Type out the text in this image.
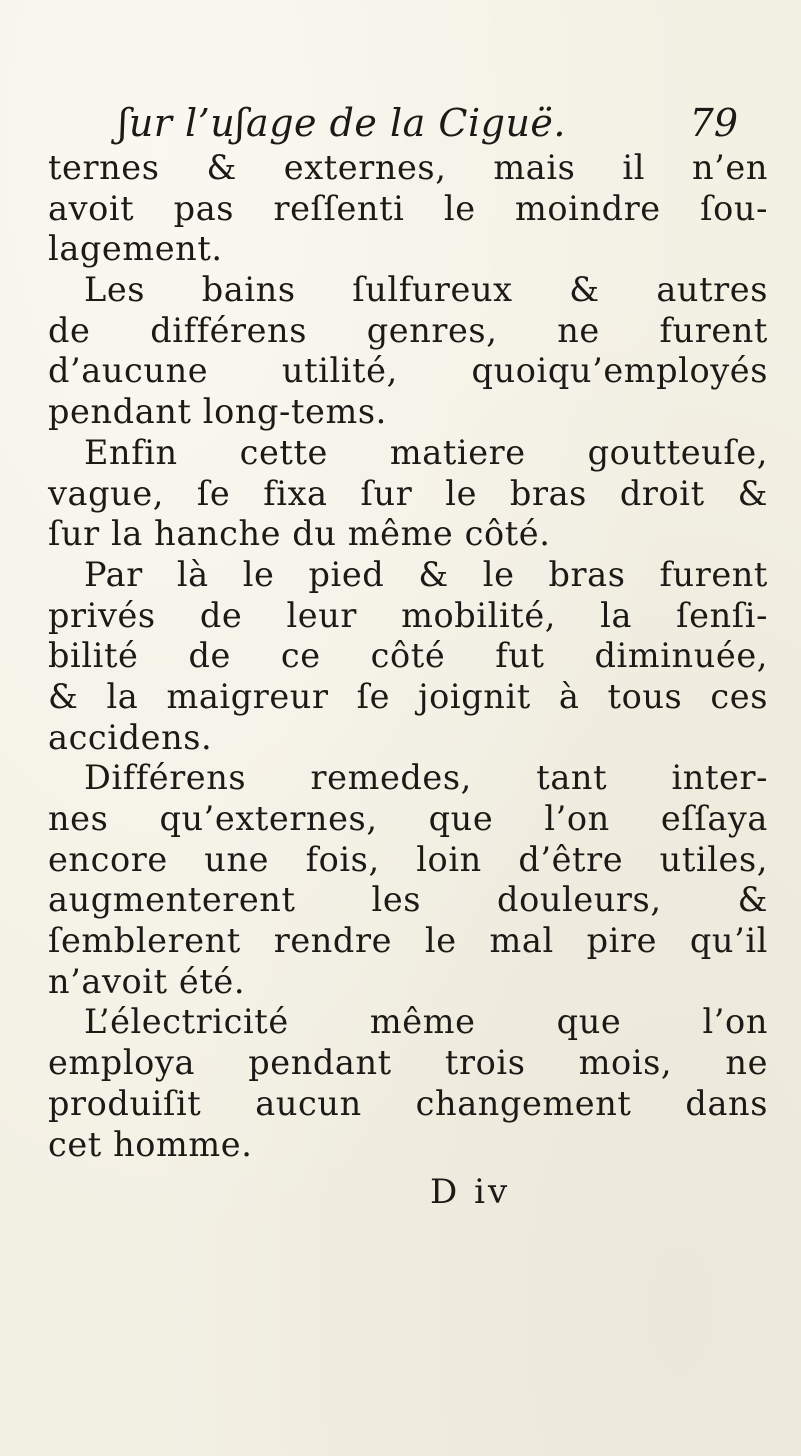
ʃur l’uʃage de la Ciguë.	79
ternes & externes, mais il n’en
avoit pas reſſenti le moindre ſou-
lagement.
Les bains ſulfureux & autres
de différens genres, ne furent
d’aucune utilité, quoiqu’employés
pendant long-tems.
Enfin cette matiere goutteuſe,
vague, ſe fixa ſur le bras droit &
ſur la hanche du même côté.
Par là le pied & le bras furent
privés de leur mobilité, la ſenſi-
bilité de ce côté fut diminuée,
& la maigreur ſe joignit à tous ces
accidens.
Différens remedes, tant inter-
nes qu’externes, que l’on eſſaya
encore une fois, loin d’être utiles,
augmenterent les douleurs, &
ſemblerent rendre le mal pire qu’il
n’avoit été.
L’électricité même que l’on
employa pendant trois mois, ne
produiſit aucun changement dans
cet homme.
D iv
